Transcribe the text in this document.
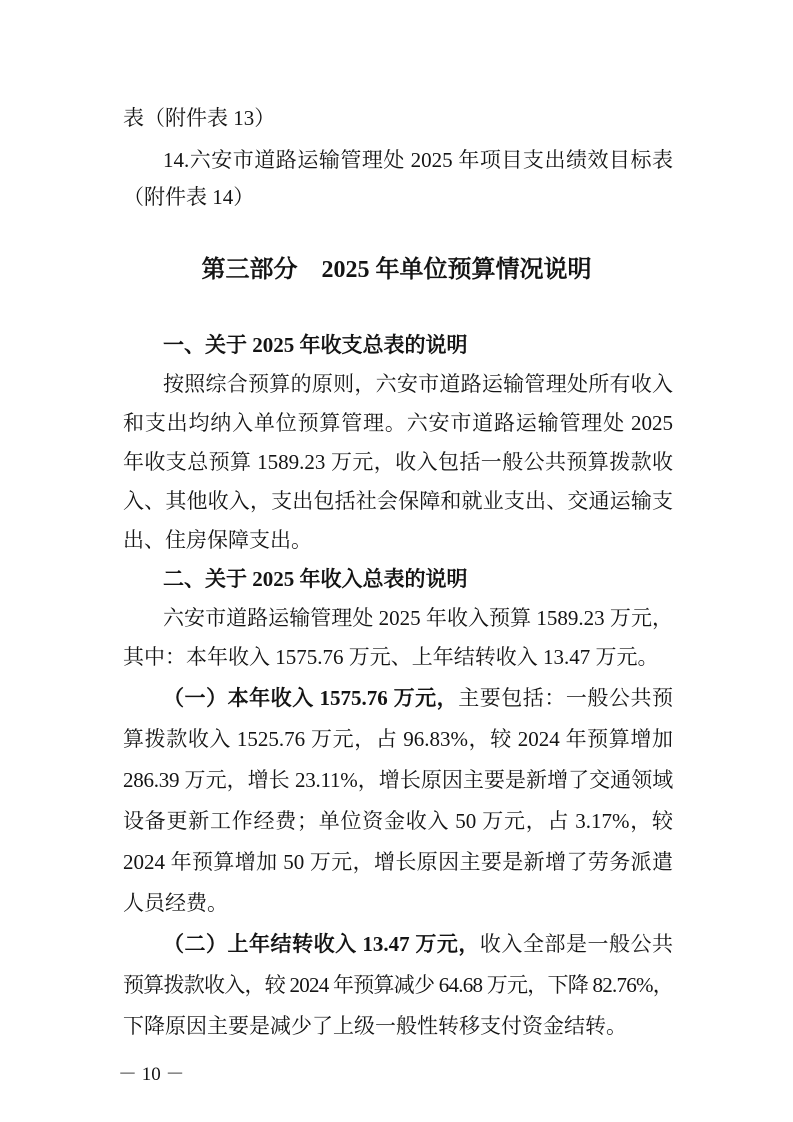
表（附件表 13）
14.六安市道路运输管理处 2025 年项目支出绩效目标表
（附件表 14）
第三部分　2025 年单位预算情况说明
一、关于 2025 年收支总表的说明
按照综合预算的原则，六安市道路运输管理处所有收入
和支出均纳入单位预算管理。六安市道路运输管理处 2025
年收支总预算 1589.23 万元，收入包括一般公共预算拨款收
入、其他收入，支出包括社会保障和就业支出、交通运输支
出、住房保障支出。
二、关于 2025 年收入总表的说明
六安市道路运输管理处 2025 年收入预算 1589.23 万元，
其中：本年收入 1575.76 万元、上年结转收入 13.47 万元。
（一）本年收入 1575.76 万元，主要包括：一般公共预
算拨款收入 1525.76 万元，占 96.83%，较 2024 年预算增加
286.39 万元，增长 23.11%，增长原因主要是新增了交通领域
设备更新工作经费；单位资金收入 50 万元，占 3.17%，较
2024 年预算增加 50 万元，增长原因主要是新增了劳务派遣
人员经费。
（二）上年结转收入 13.47 万元，收入全部是一般公共
预算拨款收入，较 2024 年预算减少 64.68 万元，下降 82.76%，
下降原因主要是减少了上级一般性转移支付资金结转。
－ 10 －
